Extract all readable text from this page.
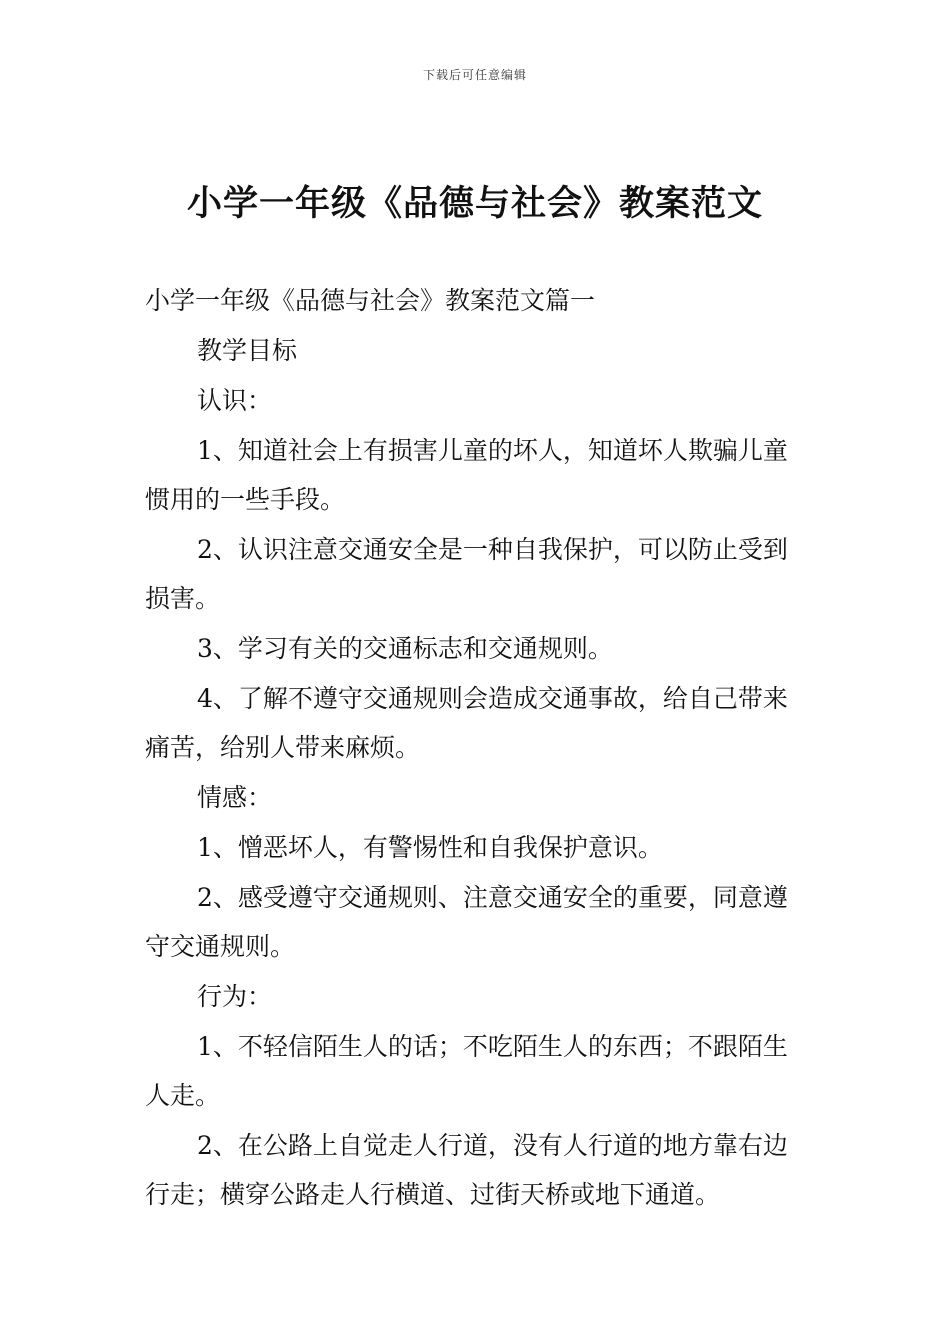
下载后可任意编辑
小学一年级《品德与社会》教案范文

小学一年级《品德与社会》教案范文篇一

教学目标

认识：

1、知道社会上有损害儿童的坏人，知道坏人欺骗儿童惯用的一些手段。

2、认识注意交通安全是一种自我保护，可以防止受到损害。

3、学习有关的交通标志和交通规则。

4、了解不遵守交通规则会造成交通事故，给自己带来痛苦，给别人带来麻烦。

情感：

1、憎恶坏人，有警惕性和自我保护意识。

2、感受遵守交通规则、注意交通安全的重要，同意遵守交通规则。

行为：

1、不轻信陌生人的话；不吃陌生人的东西；不跟陌生人走。

2、在公路上自觉走人行道，没有人行道的地方靠右边行走；横穿公路走人行横道、过街天桥或地下通道。
